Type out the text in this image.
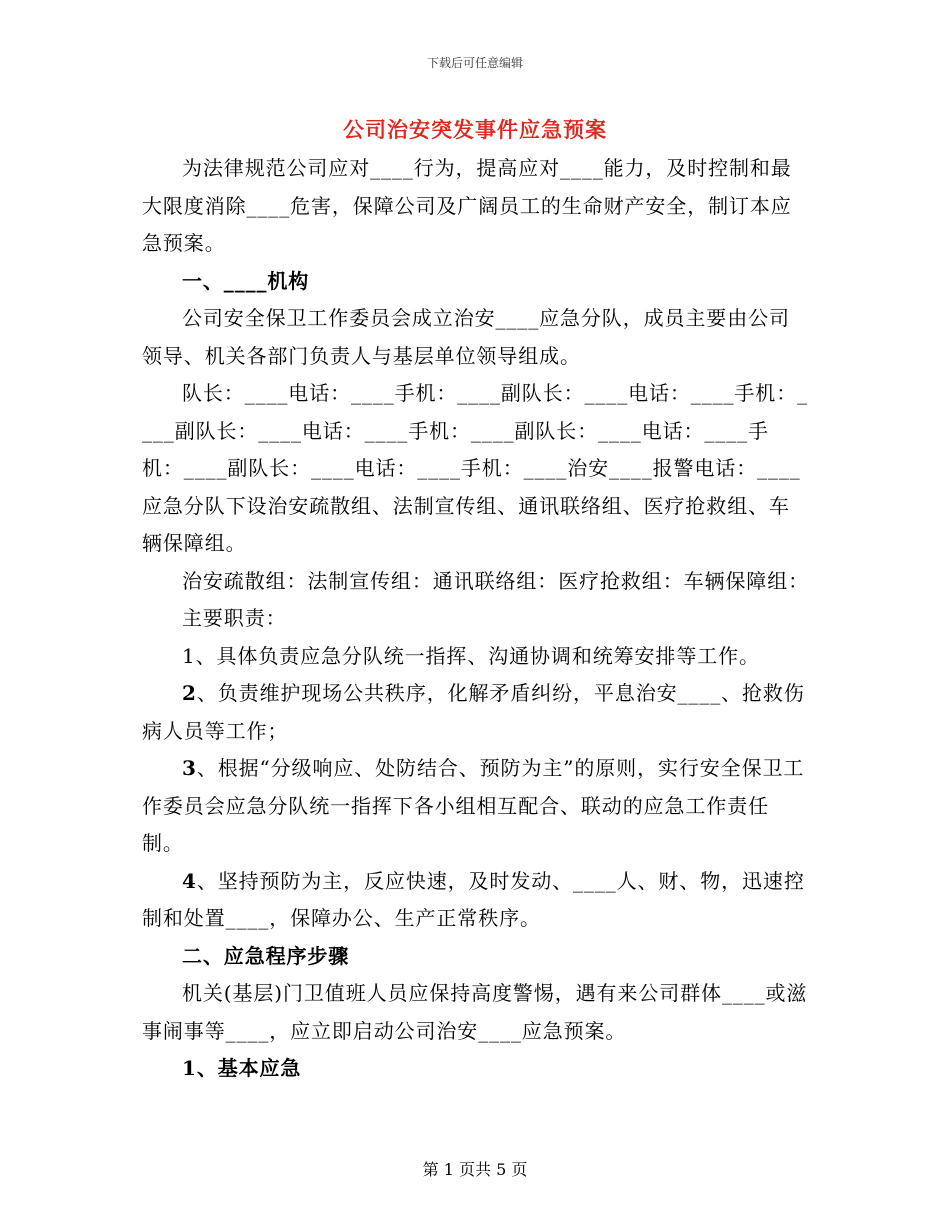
下载后可任意编辑
公司治安突发事件应急预案

为法律规范公司应对____行为，提高应对____能力，及时控制和最大限度消除____危害，保障公司及广阔员工的生命财产安全，制订本应急预案。

一、____机构

公司安全保卫工作委员会成立治安____应急分队，成员主要由公司领导、机关各部门负责人与基层单位领导组成。

队长：____电话：____手机：____副队长：____电话：____手机：____副队长：____电话：____手机：____副队长：____电话：____手机：____副队长：____电话：____手机：____治安____报警电话：____应急分队下设治安疏散组、法制宣传组、通讯联络组、医疗抢救组、车辆保障组。

治安疏散组：法制宣传组：通讯联络组：医疗抢救组：车辆保障组：

主要职责：

1、具体负责应急分队统一指挥、沟通协调和统筹安排等工作。

2、负责维护现场公共秩序，化解矛盾纠纷，平息治安____、抢救伤病人员等工作；

3、根据“分级响应、处防结合、预防为主”的原则，实行安全保卫工作委员会应急分队统一指挥下各小组相互配合、联动的应急工作责任制。

4、坚持预防为主，反应快速，及时发动、____人、财、物，迅速控制和处置____，保障办公、生产正常秩序。

二、应急程序步骤

机关(基层)门卫值班人员应保持高度警惕，遇有来公司群体____或滋事闹事等____，应立即启动公司治安____应急预案。

1、基本应急

第 1 页共 5 页
